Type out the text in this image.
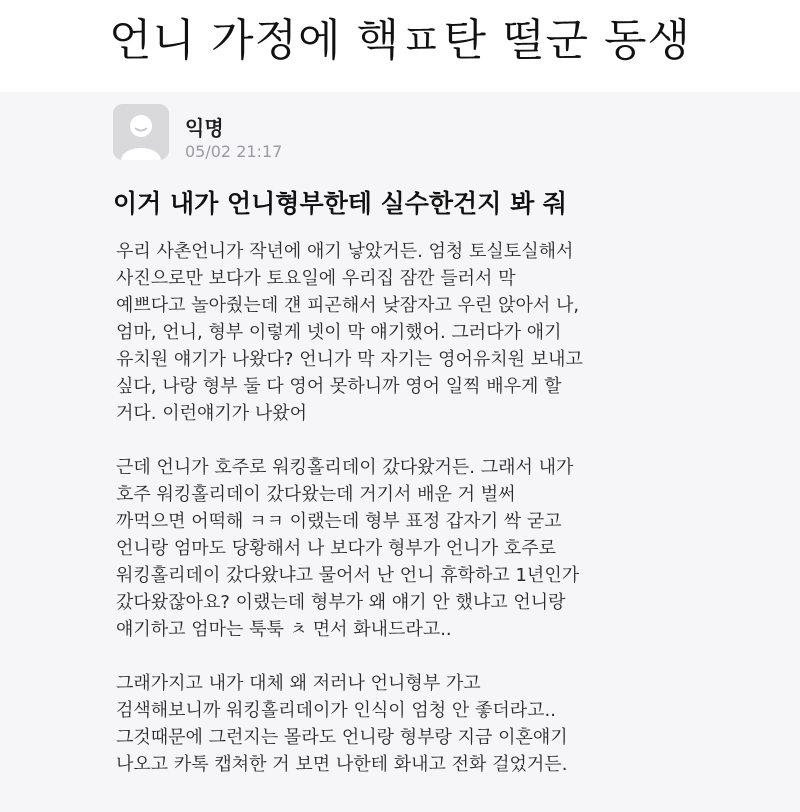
언니 가정에 핵ㅍ탄 떨군 동생
익명
05/02 21:17
이거 내가 언니형부한테 실수한건지 봐 줘

우리 사촌언니가 작년에 애기 낳았거든. 엄청 토실토실해서
사진으로만 보다가 토요일에 우리집 잠깐 들러서 막
예쁘다고 놀아줬는데 걘 피곤해서 낮잠자고 우린 앉아서 나,
엄마, 언니, 형부 이렇게 넷이 막 얘기했어. 그러다가 애기
유치원 얘기가 나왔다? 언니가 막 자기는 영어유치원 보내고
싶다, 나랑 형부 둘 다 영어 못하니까 영어 일찍 배우게 할
거다. 이런얘기가 나왔어

근데 언니가 호주로 워킹홀리데이 갔다왔거든. 그래서 내가
호주 워킹홀리데이 갔다왔는데 거기서 배운 거 벌써
까먹으면 어떡해 ㅋㅋ 이랬는데 형부 표정 갑자기 싹 굳고
언니랑 엄마도 당황해서 나 보다가 형부가 언니가 호주로
워킹홀리데이 갔다왔냐고 물어서 난 언니 휴학하고 1년인가
갔다왔잖아요? 이랬는데 형부가 왜 얘기 안 했냐고 언니랑
얘기하고 엄마는 툭툭 ㅊ 면서 화내드라고..

그래가지고 내가 대체 왜 저러나 언니형부 가고
검색해보니까 워킹홀리데이가 인식이 엄청 안 좋더라고..
그것때문에 그런지는 몰라도 언니랑 형부랑 지금 이혼얘기
나오고 카톡 캡쳐한 거 보면 나한테 화내고 전화 걸었거든.
